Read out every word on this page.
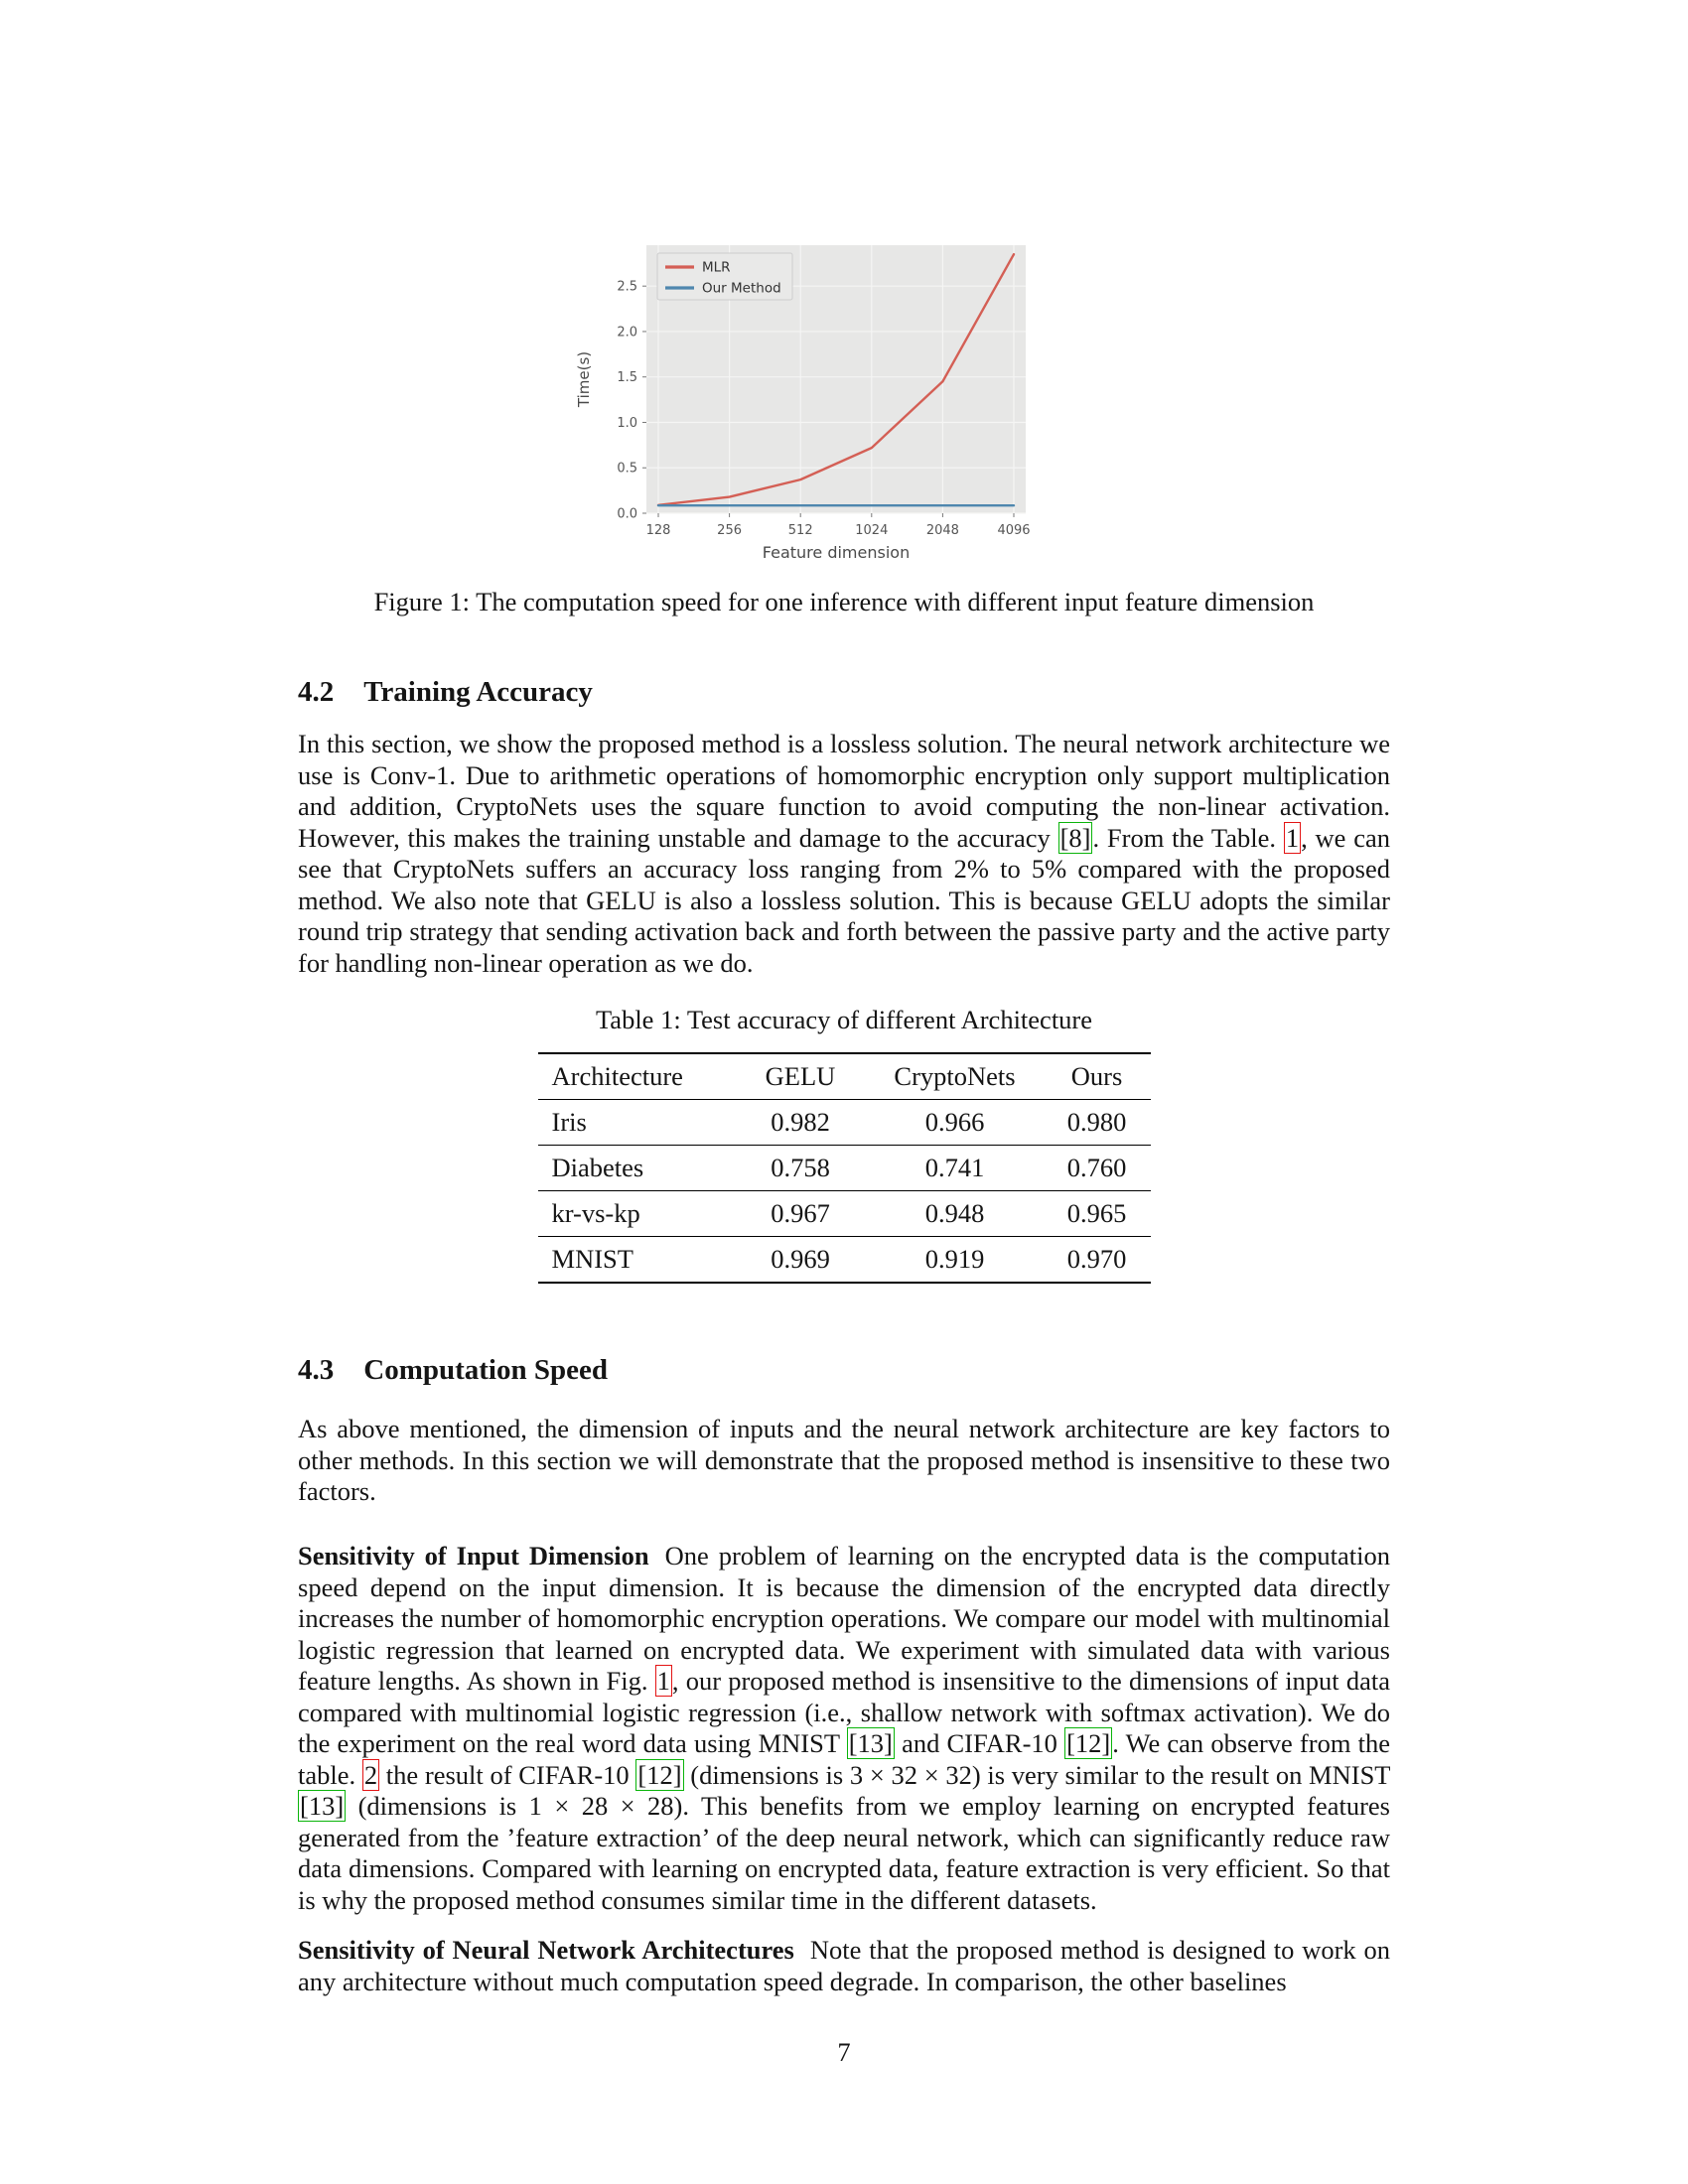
128	256	512	1024	2048	4096
0.0
0.5
1.0
1.5
2.0
2.5
Feature dimension
Time(s)
MLR
Our Method
Figure 1: The computation speed for one inference with different input feature dimension
4.2 Training Accuracy
In this section, we show the proposed method is a lossless solution. The neural network architecture we use is Conv-1. Due to arithmetic operations of homomorphic encryption only support multiplication and addition, CryptoNets uses the square function to avoid computing the non-linear activation. However, this makes the training unstable and damage to the accuracy [8]. From the Table. 1, we can see that CryptoNets suffers an accuracy loss ranging from 2% to 5% compared with the proposed method. We also note that GELU is also a lossless solution. This is because GELU adopts the similar round trip strategy that sending activation back and forth between the passive party and the active party for handling non-linear operation as we do.
Table 1: Test accuracy of different Architecture
Architecture	GELU	CryptoNets	Ours
Iris	0.982	0.966	0.980
Diabetes	0.758	0.741	0.760
kr-vs-kp	0.967	0.948	0.965
MNIST	0.969	0.919	0.970
4.3 Computation Speed
As above mentioned, the dimension of inputs and the neural network architecture are key factors to other methods. In this section we will demonstrate that the proposed method is insensitive to these two factors.
Sensitivity of Input Dimension One problem of learning on the encrypted data is the computation speed depend on the input dimension. It is because the dimension of the encrypted data directly increases the number of homomorphic encryption operations. We compare our model with multinomial logistic regression that learned on encrypted data. We experiment with simulated data with various feature lengths. As shown in Fig. 1, our proposed method is insensitive to the dimensions of input data compared with multinomial logistic regression (i.e., shallow network with softmax activation). We do the experiment on the real word data using MNIST [13] and CIFAR-10 [12]. We can observe from the table. 2 the result of CIFAR-10 [12] (dimensions is 3 × 32 × 32) is very similar to the result on MNIST [13] (dimensions is 1 × 28 × 28). This benefits from we employ learning on encrypted features generated from the ’feature extraction’ of the deep neural network, which can significantly reduce raw data dimensions. Compared with learning on encrypted data, feature extraction is very efficient. So that is why the proposed method consumes similar time in the different datasets.
Sensitivity of Neural Network Architectures Note that the proposed method is designed to work on any architecture without much computation speed degrade. In comparison, the other baselines
7
